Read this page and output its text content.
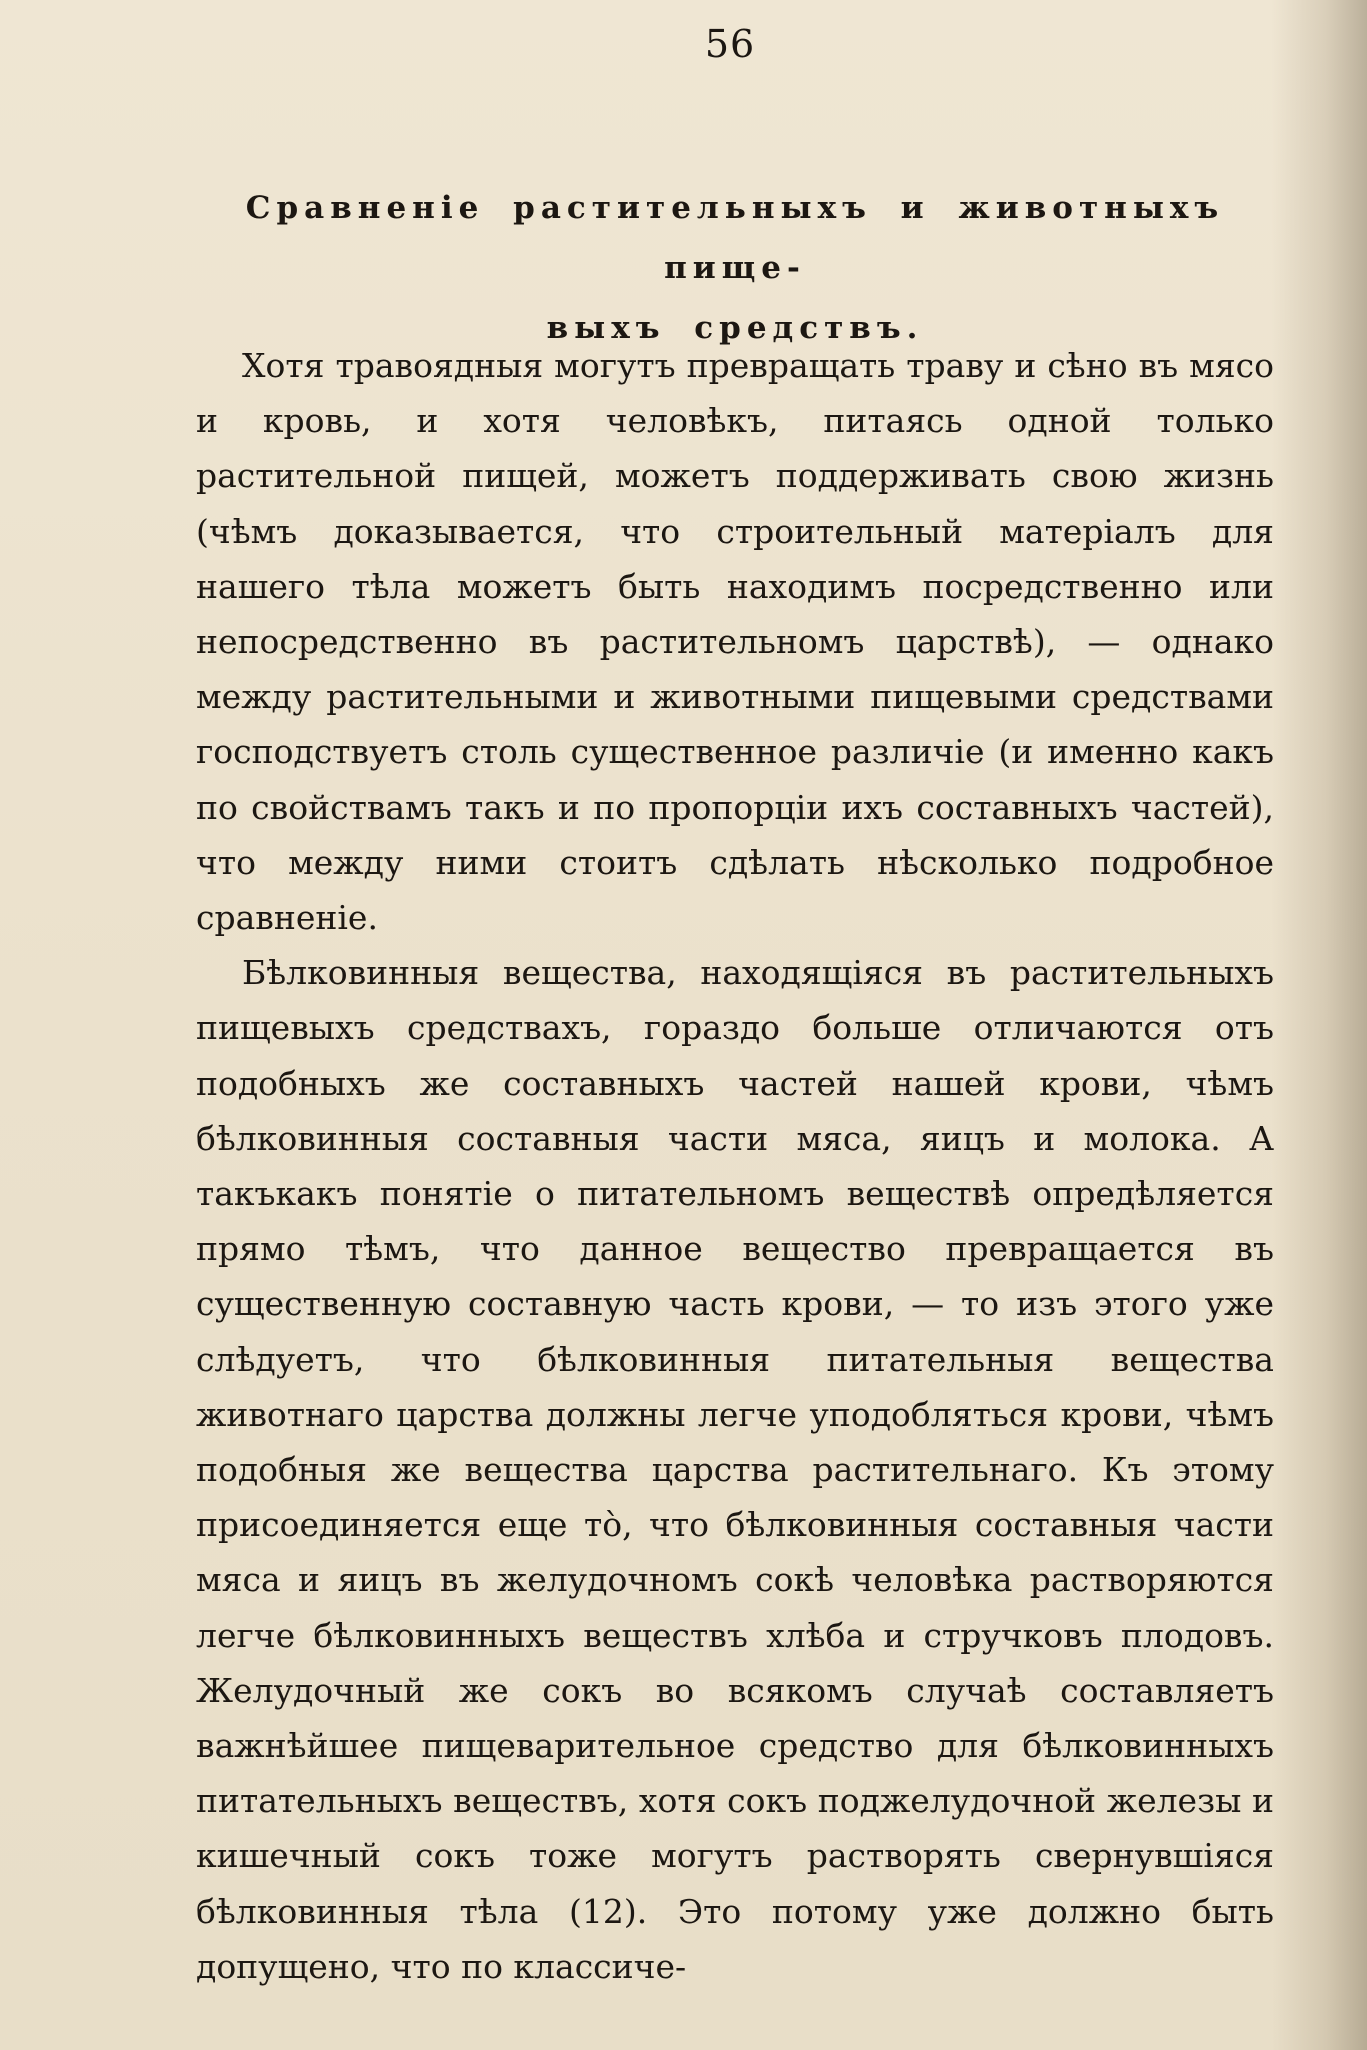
56
Сравненіе растительныхъ и животныхъ пище-
выхъ средствъ.

Хотя травоядныя могутъ превращать траву и сѣно въ мясо и кровь, и хотя человѣкъ, питаясь одной только растительной пищей, можетъ поддерживать свою жизнь (чѣмъ доказывается, что строительный матеріалъ для нашего тѣла можетъ быть находимъ посредственно или непосредственно въ растительномъ царствѣ), — однако между растительными и животными пищевыми средствами господствуетъ столь существенное различіе (и именно какъ по свойствамъ такъ и по пропорціи ихъ составныхъ частей), что между ними стоитъ сдѣлать нѣсколько подробное сравненіе.

Бѣлковинныя вещества, находящіяся въ растительныхъ пищевыхъ средствахъ, гораздо больше отличаются отъ подобныхъ же составныхъ частей нашей крови, чѣмъ бѣлковинныя составныя части мяса, яицъ и молока. А такъкакъ понятіе о питательномъ веществѣ опредѣляется прямо тѣмъ, что данное вещество превращается въ существенную составную часть крови, — то изъ этого уже слѣдуетъ, что бѣлковинныя питательныя вещества животнаго царства должны легче уподобляться крови, чѣмъ подобныя же вещества царства растительнаго. Къ этому присоединяется еще то̀, что бѣлковинныя составныя части мяса и яицъ въ желудочномъ сокѣ человѣка растворяются легче бѣлковинныхъ веществъ хлѣба и стручковъ плодовъ. Желудочный же сокъ во всякомъ случаѣ составляетъ важнѣйшее пищеварительное средство для бѣлковинныхъ питательныхъ веществъ, хотя сокъ поджелудочной железы и кишечный сокъ тоже могутъ растворять свернувшіяся бѣлковинныя тѣла (12). Это потому уже должно быть допущено, что по классиче-
